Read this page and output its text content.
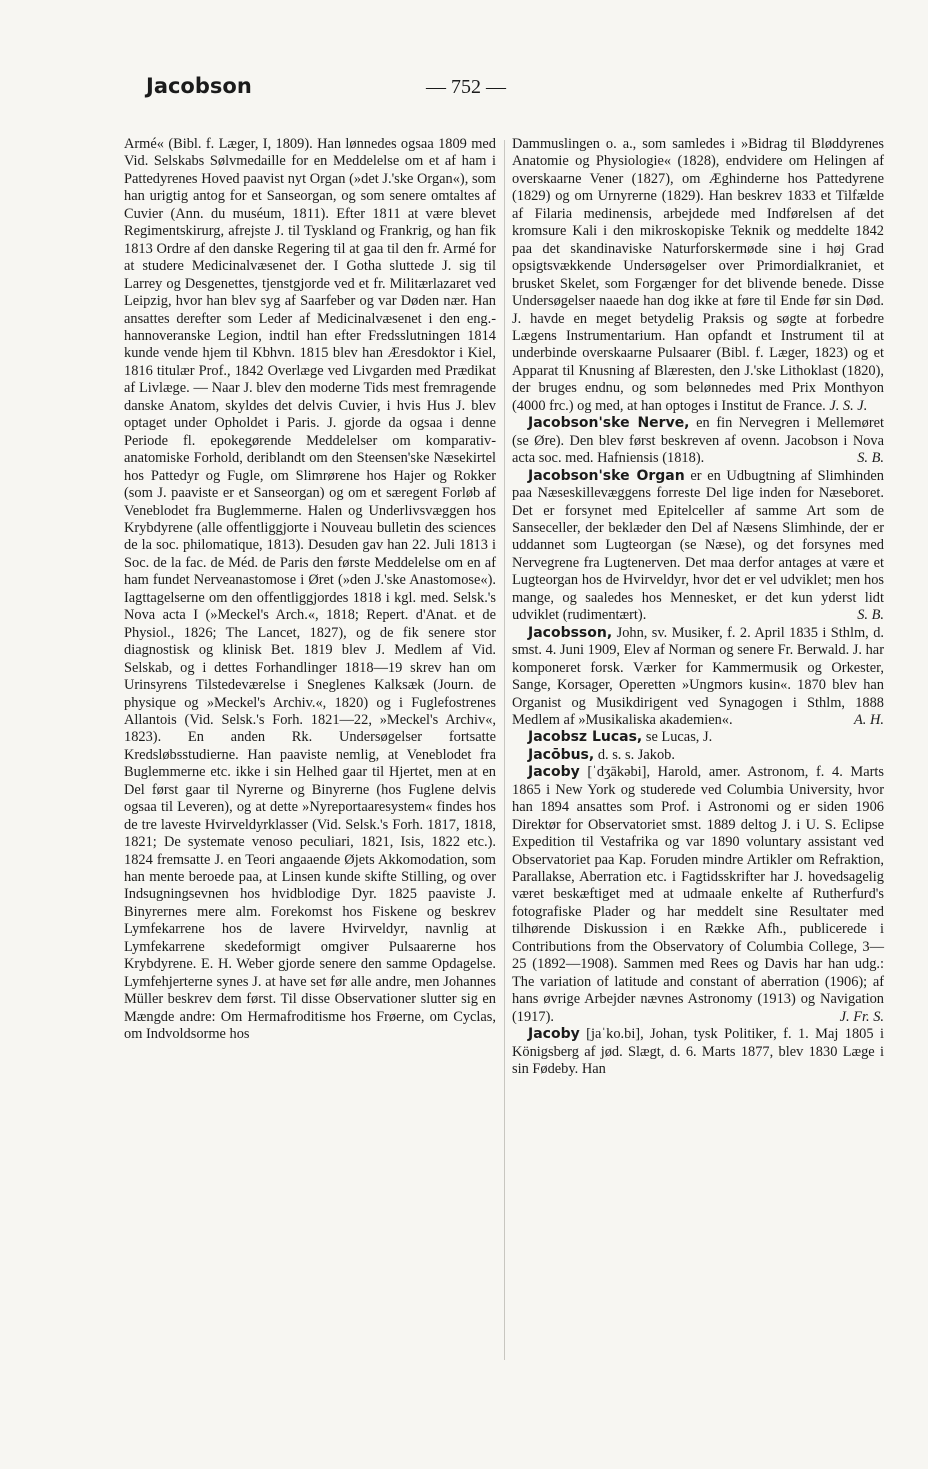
Jacobson	— 752 —

Armé« (Bibl. f. Læger, I, 1809). Han lønnedes ogsaa 1809 med Vid. Selskabs Sølvmedaille for en Meddelelse om et af ham i Pattedyrenes Hoved paavist nyt Organ (»det J.'ske Organ«), som han urigtig antog for et Sanseorgan, og som senere omtaltes af Cuvier (Ann. du muséum, 1811). Efter 1811 at være blevet Regimentskirurg, afrejste J. til Tyskland og Frankrig, og han fik 1813 Ordre af den danske Regering til at gaa til den fr. Armé for at studere Medicinalvæsenet der. I Gotha sluttede J. sig til Larrey og Desgenettes, tjenstgjorde ved et fr. Militærlazaret ved Leipzig, hvor han blev syg af Saarfeber og var Døden nær. Han ansattes derefter som Leder af Medicinalvæsenet i den eng.-hannoveranske Legion, indtil han efter Fredsslutningen 1814 kunde vende hjem til Kbhvn. 1815 blev han Æresdoktor i Kiel, 1816 titulær Prof., 1842 Overlæge ved Livgarden med Prædikat af Livlæge. — Naar J. blev den moderne Tids mest fremragende danske Anatom, skyldes det delvis Cuvier, i hvis Hus J. blev optaget under Opholdet i Paris. J. gjorde da ogsaa i denne Periode fl. epokegørende Meddelelser om komparativ-anatomiske Forhold, deriblandt om den Steensen'ske Næsekirtel hos Pattedyr og Fugle, om Slimrørene hos Hajer og Rokker (som J. paaviste er et Sanseorgan) og om et særegent Forløb af Veneblodet fra Buglemmerne. Halen og Underlivsvæggen hos Krybdyrene (alle offentliggjorte i Nouveau bulletin des sciences de la soc. philomatique, 1813). Desuden gav han 22. Juli 1813 i Soc. de la fac. de Méd. de Paris den første Meddelelse om en af ham fundet Nerveanastomose i Øret (»den J.'ske Anastomose«). Iagttagelserne om den offentliggjordes 1818 i kgl. med. Selsk.'s Nova acta I (»Meckel's Arch.«, 1818; Repert. d'Anat. et de Physiol., 1826; The Lancet, 1827), og de fik senere stor diagnostisk og klinisk Bet. 1819 blev J. Medlem af Vid. Selskab, og i dettes Forhandlinger 1818—19 skrev han om Urinsyrens Tilstedeværelse i Sneglenes Kalksæk (Journ. de physique og »Meckel's Archiv.«, 1820) og i Fuglefostrenes Allantois (Vid. Selsk.'s Forh. 1821—22, »Meckel's Archiv«, 1823). En anden Rk. Undersøgelser fortsatte Kredsløbsstudierne. Han paaviste nemlig, at Veneblodet fra Buglemmerne etc. ikke i sin Helhed gaar til Hjertet, men at en Del først gaar til Nyrerne og Binyrerne (hos Fuglene delvis ogsaa til Leveren), og at dette »Nyreportaaresystem« findes hos de tre laveste Hvirveldyrklasser (Vid. Selsk.'s Forh. 1817, 1818, 1821; De systemate venoso peculiari, 1821, Isis, 1822 etc.). 1824 fremsatte J. en Teori angaaende Øjets Akkomodation, som han mente beroede paa, at Linsen kunde skifte Stilling, og over Indsugningsevnen hos hvidblodige Dyr. 1825 paaviste J. Binyrernes mere alm. Forekomst hos Fiskene og beskrev Lymfekarrene hos de lavere Hvirveldyr, navnlig at Lymfekarrene skedeformigt omgiver Pulsaarerne hos Krybdyrene. E. H. Weber gjorde senere den samme Opdagelse. Lymfehjerterne synes J. at have set før alle andre, men Johannes Müller beskrev dem først. Til disse Observationer slutter sig en Mængde andre: Om Hermafroditisme hos Frøerne, om Cyclas, om Indvoldsorme hos

Dammuslingen o. a., som samledes i »Bidrag til Bløddyrenes Anatomie og Physiologie« (1828), endvidere om Helingen af overskaarne Vener (1827), om Æghinderne hos Pattedyrene (1829) og om Urnyrerne (1829). Han beskrev 1833 et Tilfælde af Filaria medinensis, arbejdede med Indførelsen af det kromsure Kali i den mikroskopiske Teknik og meddelte 1842 paa det skandinaviske Naturforskermøde sine i høj Grad opsigtsvækkende Undersøgelser over Primordialkraniet, et brusket Skelet, som Forgænger for det blivende benede. Disse Undersøgelser naaede han dog ikke at føre til Ende før sin Død. J. havde en meget betydelig Praksis og søgte at forbedre Lægens Instrumentarium. Han opfandt et Instrument til at underbinde overskaarne Pulsaarer (Bibl. f. Læger, 1823) og et Apparat til Knusning af Blæresten, den J.'ske Lithoklast (1820), der bruges endnu, og som belønnedes med Prix Monthyon (4000 frc.) og med, at han optoges i Institut de France. J. S. J.

Jacobson'ske Nerve, en fin Nervegren i Mellemøret (se Øre). Den blev først beskreven af ovenn. Jacobson i Nova acta soc. med. Hafniensis (1818).	S. B.

Jacobson'ske Organ er en Udbugtning af Slimhinden paa Næseskillevæggens forreste Del lige inden for Næseboret. Det er forsynet med Epitelceller af samme Art som de Sanseceller, der beklæder den Del af Næsens Slimhinde, der er uddannet som Lugteorgan (se Næse), og det forsynes med Nervegrene fra Lugtenerven. Det maa derfor antages at være et Lugteorgan hos de Hvirveldyr, hvor det er vel udviklet; men hos mange, og saaledes hos Mennesket, er det kun yderst lidt udviklet (rudimentært).	S. B.

Jacobsson, John, sv. Musiker, f. 2. April 1835 i Sthlm, d. smst. 4. Juni 1909, Elev af Norman og senere Fr. Berwald. J. har komponeret forsk. Værker for Kammermusik og Orkester, Sange, Korsager, Operetten »Ungmors kusin«. 1870 blev han Organist og Musikdirigent ved Synagogen i Sthlm, 1888 Medlem af »Musikaliska akademien«.	A. H.

Jacobsz Lucas, se Lucas, J.

Jacōbus, d. s. s. Jakob.

Jacoby [ˈdʒākəbi], Harold, amer. Astronom, f. 4. Marts 1865 i New York og studerede ved Columbia University, hvor han 1894 ansattes som Prof. i Astronomi og er siden 1906 Direktør for Observatoriet smst. 1889 deltog J. i U. S. Eclipse Expedition til Vestafrika og var 1890 voluntary assistant ved Observatoriet paa Kap. Foruden mindre Artikler om Refraktion, Parallakse, Aberration etc. i Fagtidsskrifter har J. hovedsagelig været beskæftiget med at udmaale enkelte af Rutherfurd's fotografiske Plader og har meddelt sine Resultater med tilhørende Diskussion i en Række Afh., publicerede i Contributions from the Observatory of Columbia College, 3—25 (1892—1908). Sammen med Rees og Davis har han udg.: The variation of latitude and constant of aberration (1906); af hans øvrige Arbejder nævnes Astronomy (1913) og Navigation (1917).	J. Fr. S.

Jacoby [jaˈko.bi], Johan, tysk Politiker, f. 1. Maj 1805 i Königsberg af jød. Slægt, d. 6. Marts 1877, blev 1830 Læge i sin Fødeby. Han
